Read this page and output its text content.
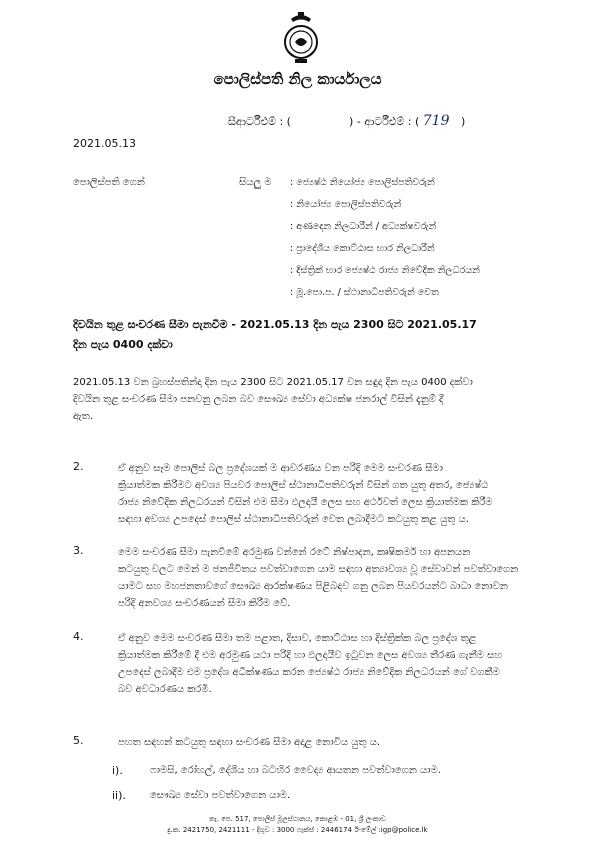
පොලිස්පති නිල කාර්යාලය
සීආර්ටීඑම් : (	) - ආර්ටීඑම් : ( 719 )
2021.05.13
පොලිස්පති ගෙන්	සියලු ම : ජ්‍යෙෂ්ඨ නියෝජ්‍ය පොලිස්පතිවරුන්
: නියෝජ්‍ය පොලිස්පතිවරුන්
: අණදෙන නිලධාරීන් / අධ්‍යක්ෂවරුන්
: ප්‍රාදේශීය කොට්ඨාස භාර නිලධාරීන්
: දිස්ත්‍රික් භාර ජ්‍යෙෂ්ඨ රාජ්‍ය නිවේදික නිලධරයන්
: මූ.පො.ප. / ස්ථානාධිපතිවරුන් වෙත
දිවයින තුළ සංචරණ සීමා පැනවීම - 2021.05.13 දින පැය 2300 සිට 2021.05.17
දින පැය 0400 දක්වා
2021.05.13 වන බ්‍රහස්පතින්දා දින පැය 2300 සිට 2021.05.17 වන සඳුදා දින පැය 0400 දක්වා
දිවයින තුළ සංචරණ සීමා පනවනු ලබන බව සෞඛ්‍ය සේවා අධ්‍යක්ෂ ජනරාල් විසින් දැනුම් දී
ඇත.
2.	ඒ අනුව සෑම පොලිස් බල ප්‍රදේශයක් ම ආවරණය වන පරිදි මෙම සංචරණ සීමා
ක්‍රියාත්මක කිරීමට අවශ්‍ය පියවර පොලිස් ස්ථානාධිපතිවරුන් විසින් ගත යුතු අතර, ජ්‍යෙෂ්ඨ
රාජ්‍ය නිවේදික නිලධරයන් විසින් එම සීමා ඵලදායී ලෙස සහ අර්ථවත් ලෙස ක්‍රියාත්මක කිරීම
සඳහා අවශ්‍ය උපදෙස් පොලිස් ස්ථානාධිපතිවරුන් වෙත ලබාදීමට කටයුතු කළ යුතු ය.
3.	මෙම සංචරණ සීමා පැනවීමේ අරමුණ වන්නේ රටේ නිෂ්පාදන, කෘෂිකර්ම හා අපනයන
කටයුතු වලට මෙන් ම ජනජීවිතය පවත්වාගෙන යාම සඳහා අත්‍යාවශ්‍ය වූ සේවාවන් පවත්වාගෙන
යාමට සහ මහජනතාවගේ සෞඛ්‍ය ආරක්ෂණය පිළිබඳව ගනු ලබන පියවරයන්ට බාධා නොවන
පරිදි අනවශ්‍ය සංචරණයන් සීමා කිරීම වේ.
4.	ඒ අනුව මෙම සංචරණ සීමා තම පළාත, දිසාව, කොට්ඨාස හා දිස්ත්‍රික්ක බල ප්‍රදේශ තුළ
ක්‍රියාත්මක කිරීමේ දී එම අරමුණ යථා පරිදි හා ඵලදායීව ඉටුවන ලෙස අවශ්‍ය තීරණ ගැනීම සහ
උපදෙස් ලබාදීම එම ප්‍රදේශ අධීක්ෂණය කරන ජ්‍යෙෂ්ඨ රාජ්‍ය නිවේදික නිලධරයන් ගේ වගකීම
බව අවධාරණය කරමි.
5.	පහත සඳහන් කටයුතු සඳහා සංචරණ සීමා අදාළ නොවිය යුතු ය.
i).	ෆාමසි, රෝහල්, දේශීය හා බටහිර වෛද්‍ය ආයතන පවත්වාගෙන යාම.
ii). සෞඛ්‍ය සේවා පවත්වාගෙන යාම.
තැ. පෙ. 517, පොලිස් මූලස්ථානය, කොළඹ - 01, ශ්‍රී ලංකාව
දු.ක. 2421750, 2421111 - දිගුව : 3000 ෆැක්ස් : 2446174 ඊ-මේල් :igp@police.lk
